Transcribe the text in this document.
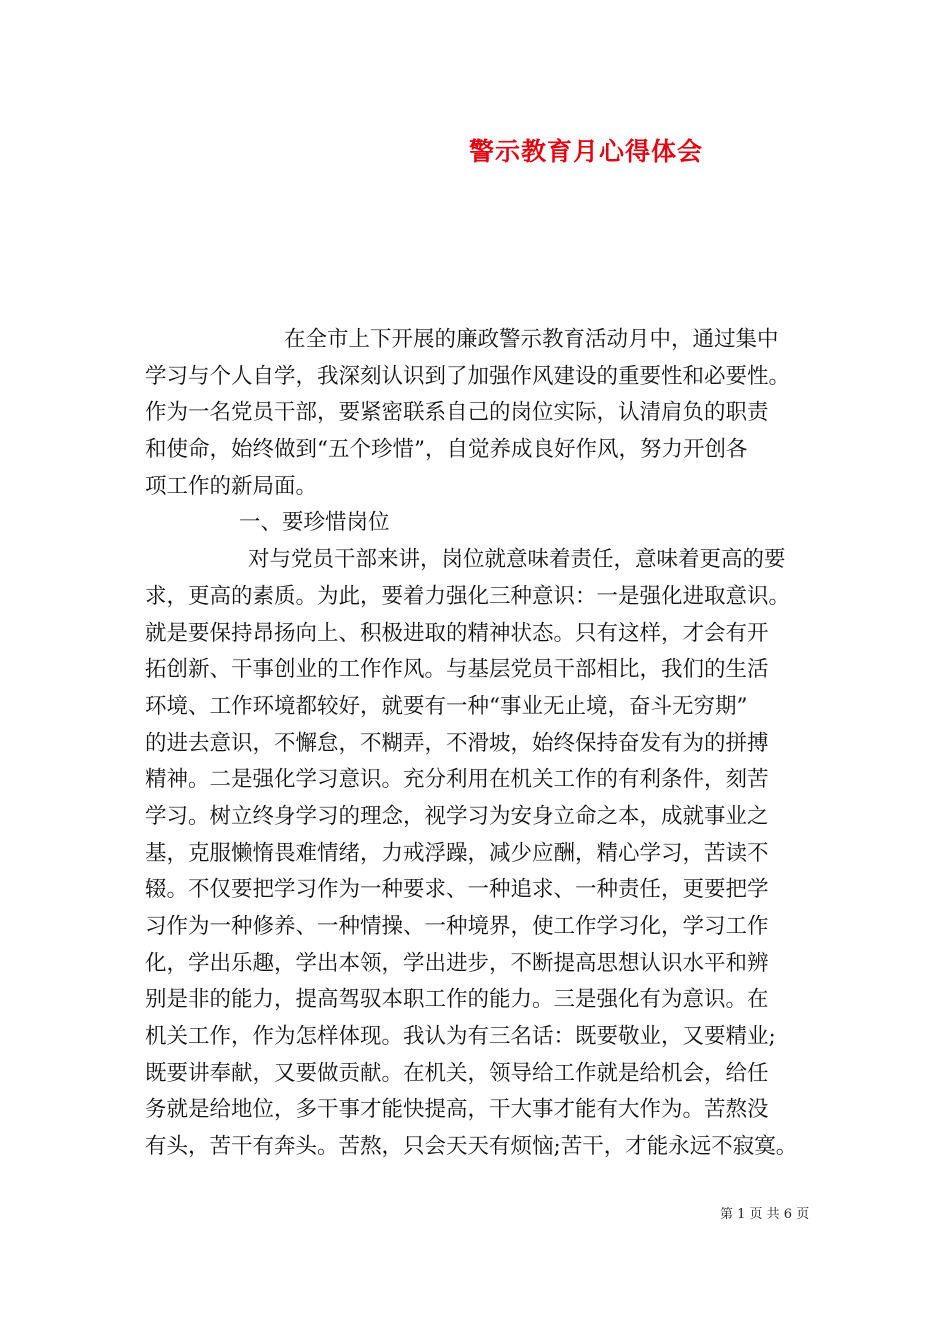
警示教育月心得体会
在全市上下开展的廉政警示教育活动月中，通过集中
学习与个人自学，我深刻认识到了加强作风建设的重要性和必要性。
作为一名党员干部，要紧密联系自己的岗位实际，认清肩负的职责
和使命，始终做到“五个珍惜”，自觉养成良好作风，努力开创各
项工作的新局面。
一、要珍惜岗位
对与党员干部来讲，岗位就意味着责任，意味着更高的要
求，更高的素质。为此，要着力强化三种意识：一是强化进取意识。
就是要保持昂扬向上、积极进取的精神状态。只有这样，才会有开
拓创新、干事创业的工作作风。与基层党员干部相比，我们的生活
环境、工作环境都较好，就要有一种“事业无止境，奋斗无穷期”
的进去意识，不懈怠，不糊弄，不滑坡，始终保持奋发有为的拼搏
精神。二是强化学习意识。充分利用在机关工作的有利条件，刻苦
学习。树立终身学习的理念，视学习为安身立命之本，成就事业之
基，克服懒惰畏难情绪，力戒浮躁，减少应酬，精心学习，苦读不
辍。不仅要把学习作为一种要求、一种追求、一种责任，更要把学
习作为一种修养、一种情操、一种境界，使工作学习化，学习工作
化，学出乐趣，学出本领，学出进步，不断提高思想认识水平和辨
别是非的能力，提高驾驭本职工作的能力。三是强化有为意识。在
机关工作，作为怎样体现。我认为有三名话：既要敬业，又要精业;
既要讲奉献，又要做贡献。在机关，领导给工作就是给机会，给任
务就是给地位，多干事才能快提高，干大事才能有大作为。苦熬没
有头，苦干有奔头。苦熬，只会天天有烦恼;苦干，才能永远不寂寞。
第 1 页 共 6 页
